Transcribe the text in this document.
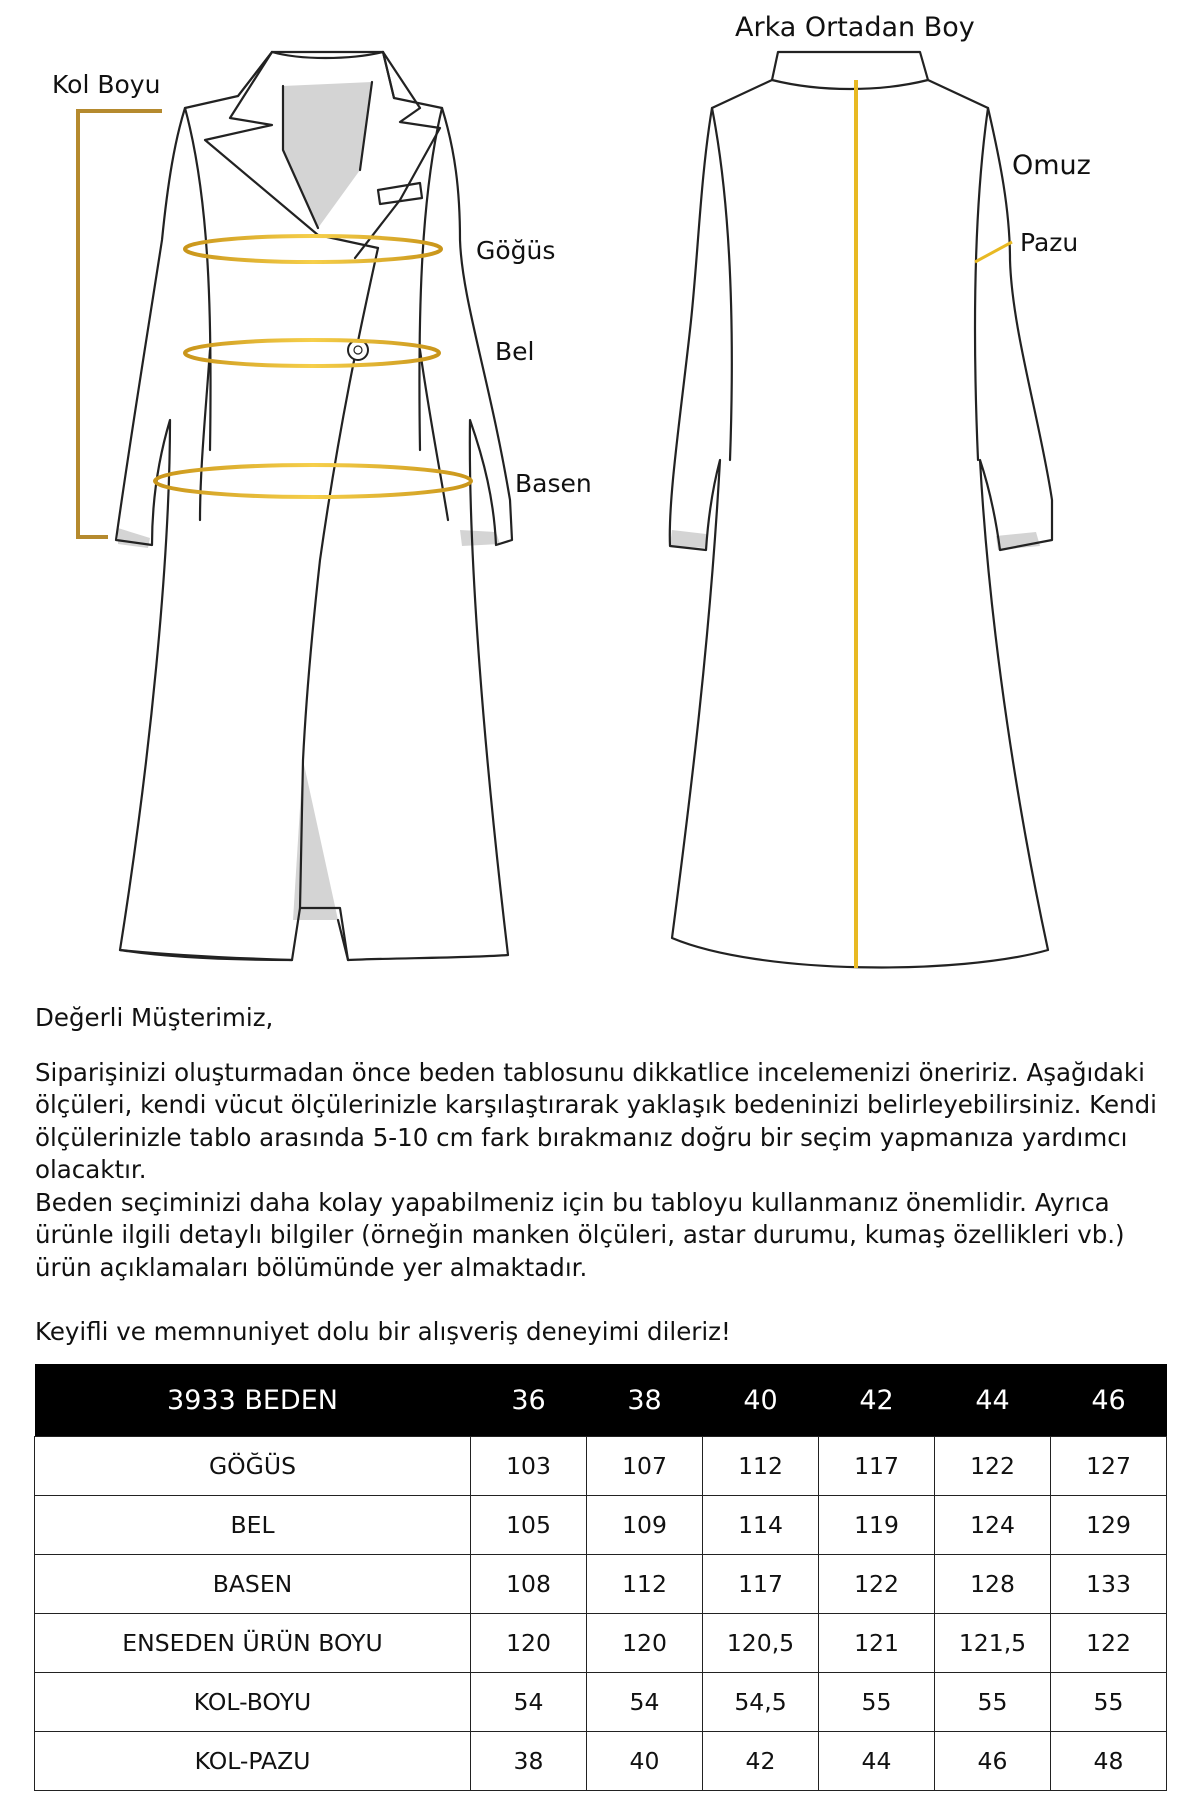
Kol Boyu
Göğüs
Bel
Basen
Arka Ortadan Boy
Omuz
Pazu

Değerli Müşterimiz,

Siparişinizi oluşturmadan önce beden tablosunu dikkatlice incelemenizi öneririz. Aşağıdaki ölçüleri, kendi vücut ölçülerinizle karşılaştırarak yaklaşık bedeninizi belirleyebilirsiniz. Kendi ölçülerinizle tablo arasında 5-10 cm fark bırakmanız doğru bir seçim yapmanıza yardımcı olacaktır.

Beden seçiminizi daha kolay yapabilmeniz için bu tabloyu kullanmanız önemlidir. Ayrıca ürünle ilgili detaylı bilgiler (örneğin manken ölçüleri, astar durumu, kumaş özellikleri vb.) ürün açıklamaları bölümünde yer almaktadır.

Keyifli ve memnuniyet dolu bir alışveriş deneyimi dileriz!

3933 BEDEN	36	38	40	42	44	46
GÖĞÜS	103	107	112	117	122	127
BEL	105	109	114	119	124	129
BASEN	108	112	117	122	128	133
ENSEDEN ÜRÜN BOYU	120	120	120,5	121	121,5	122
KOL-BOYU	54	54	54,5	55	55	55
KOL-PAZU	38	40	42	44	46	48
